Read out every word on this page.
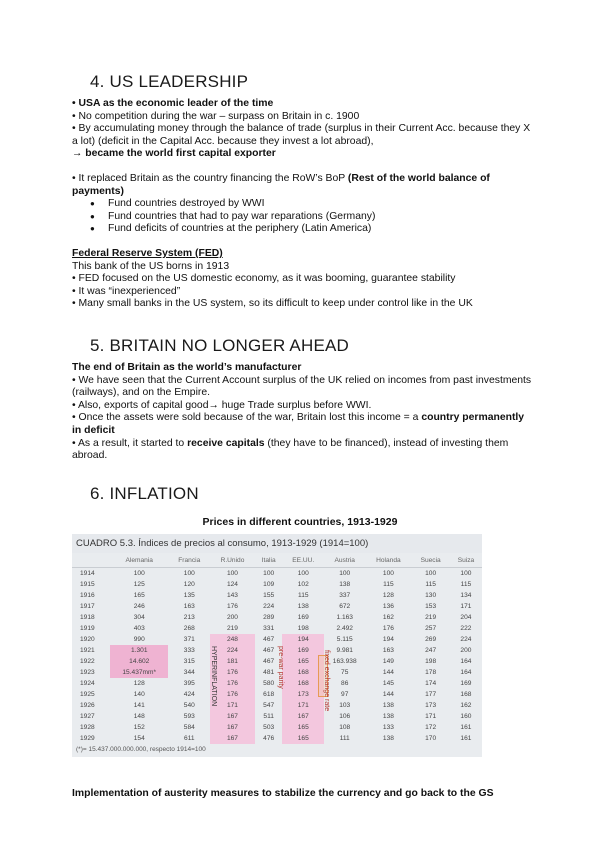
4. US LEADERSHIP

• USA as the economic leader of the time

• No competition during the war – surpass on Britain in c. 1900

• By accumulating money through the balance of trade (surplus in their Current Acc. because they X a lot) (deficit in the Capital Acc. because they invest a lot abroad),

→ became the world first capital exporter

• It replaced Britain as the country financing the RoW’s BoP (Rest of the world balance of payments)

● Fund countries destroyed by WWI
● Fund countries that had to pay war reparations (Germany)
● Fund deficits of countries at the periphery (Latin America)

Federal Reserve System (FED)

This bank of the US borns in 1913

• FED focused on the US domestic economy, as it was booming, guarantee stability

• It was “inexperienced”

• Many small banks in the US system, so its difficult to keep under control like in the UK

5. BRITAIN NO LONGER AHEAD

The end of Britain as the world’s manufacturer

• We have seen that the Current Account surplus of the UK relied on incomes from past investments (railways), and on the Empire.

• Also, exports of capital good→ huge Trade surplus before WWI.

• Once the assets were sold because of the war, Britain lost this income = a country permanently in deficit

• As a result, it started to receive capitals (they have to be financed), instead of investing them abroad.

6. INFLATION
Prices in different countries, 1913-1929
CUADRO 5.3. Índices de precios al consumo, 1913-1929 (1914=100)
	Alemania	Francia	R.Unido	Italia	EE.UU.	Austria	Holanda	Suecia	Suiza
1914	100	100	100	100	100	100	100	100	100
1915	125	120	124	109	102	138	115	115	115
1916	165	135	143	155	115	337	128	130	134
1917	246	163	176	224	138	672	136	153	171
1918	304	213	200	289	169	1.163	162	219	204
1919	403	268	219	331	198	2.492	176	257	222
1920	990	371	248	467	194	5.115	194	269	224
1921	1.301	333	224	467	169	9.981	163	247	200
1922	14.602	315	181	467	165	163.938	149	198	164
1923	15.437mm*	344	176	481	168	75	144	178	164
1924	128	395	176	580	168	86	145	174	169
1925	140	424	176	618	173	97	144	177	168
1926	141	540	171	547	171	103	138	173	162
1927	148	593	167	511	167	106	138	171	160
1928	152	584	167	503	165	108	133	172	161
1929	154	611	167	476	165	111	138	170	161
(*)= 15.437.000.000.000, respecto 1914=100
HYPERINFLATION	pre-war parity	fixed exchange rate
Implementation of austerity measures to stabilize the currency and go back to the GS
